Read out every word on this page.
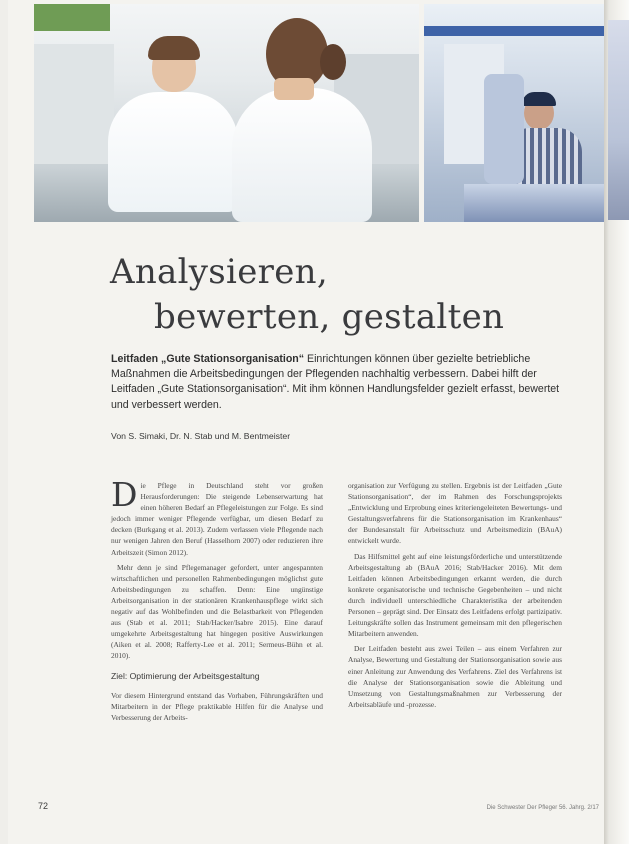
Analysieren,
bewerten, gestalten
Leitfaden „Gute Stationsorganisation“ Einrichtungen können über gezielte betriebliche Maßnahmen die Arbeitsbedingungen der Pflegenden nachhaltig verbessern. Dabei hilft der Leitfaden „Gute Stationsorganisation“. Mit ihm können Handlungsfelder gezielt erfasst, bewertet und verbessert werden.
Von S. Simaki, Dr. N. Stab und M. Bentmeister

Die Pflege in Deutschland steht vor großen Herausforderungen: Die steigende Lebenserwartung hat einen höheren Bedarf an Pflegeleistungen zur Folge. Es sind jedoch immer weniger Pflegende verfügbar, um diesen Bedarf zu decken (Burkgang et al. 2013). Zudem verlassen viele Pflegende nach nur wenigen Jahren den Beruf (Hasselhorn 2007) oder reduzieren ihre Arbeitszeit (Simon 2012).

Mehr denn je sind Pflegemanager gefordert, unter angespannten wirtschaftlichen und personellen Rahmenbedingungen möglichst gute Arbeitsbedingungen zu schaffen. Denn: Eine ungünstige Arbeitsorganisation in der stationären Krankenhauspflege wirkt sich negativ auf das Wohlbefinden und die Belastbarkeit von Pflegenden aus (Stab et al. 2011; Stab/Hacker/Isabre 2015). Eine darauf umgekehrte Arbeitsgestaltung hat hingegen positive Auswirkungen (Aiken et al. 2008; Rafferty-Lee et al. 2011; Sermeus-Bühn et al. 2010).

Ziel: Optimierung der Arbeitsgestaltung

Vor diesem Hintergrund entstand das Vorhaben, Führungskräften und Mitarbeitern in der Pflege praktikable Hilfen für die Analyse und Verbesserung der Arbeits-

organisation zur Verfügung zu stellen. Ergebnis ist der Leitfaden „Gute Stationsorganisation“, der im Rahmen des Forschungsprojekts „Entwicklung und Erprobung eines kriteriengeleiteten Bewertungs- und Gestaltungsverfahrens für die Stationsorganisation im Krankenhaus“ der Bundesanstalt für Arbeitsschutz und Arbeitsmedizin (BAuA) entwickelt wurde.

Das Hilfsmittel geht auf eine leistungsförderliche und unterstützende Arbeitsgestaltung ab (BAuA 2016; Stab/Hacker 2016). Mit dem Leitfaden können Arbeitsbedingungen erkannt werden, die durch konkrete organisatorische und technische Gegebenheiten – und nicht durch individuell unterschiedliche Charakteristika der arbeitenden Personen – geprägt sind. Der Einsatz des Leitfadens erfolgt partizipativ. Leitungskräfte sollen das Instrument gemeinsam mit den pflegerischen Mitarbeitern anwenden.

Der Leitfaden besteht aus zwei Teilen – aus einem Verfahren zur Analyse, Bewertung und Gestaltung der Stationsorganisation sowie aus einer Anleitung zur Anwendung des Verfahrens. Ziel des Verfahrens ist die Analyse der Stationsorganisation sowie die Ableitung und Umsetzung von Gestaltungsmaßnahmen zur Verbesserung der Arbeitsabläufe und -prozesse.

72	Die Schwester Der Pfleger 56. Jahrg. 2/17
